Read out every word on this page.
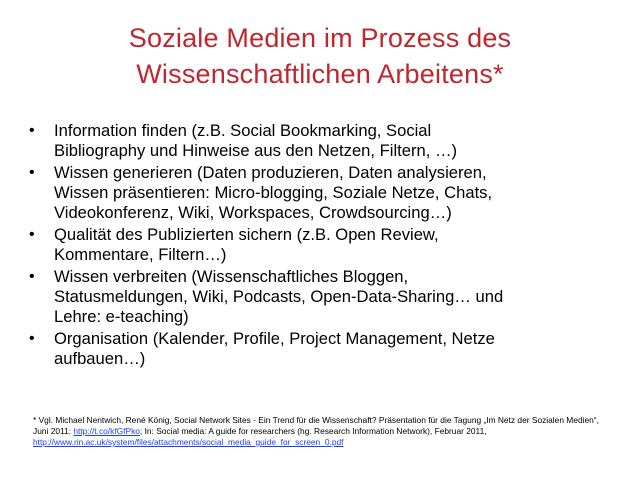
Soziale Medien im Prozess des
Wissenschaftlichen Arbeitens*
• Information finden (z.B. Social Bookmarking, Social
Bibliography und Hinweise aus den Netzen, Filtern, …)
• Wissen generieren (Daten produzieren, Daten analysieren,
Wissen präsentieren: Micro-blogging, Soziale Netze, Chats,
Videokonferenz, Wiki, Workspaces, Crowdsourcing…)
• Qualität des Publizierten sichern (z.B. Open Review,
Kommentare, Filtern…)
• Wissen verbreiten (Wissenschaftliches Bloggen,
Statusmeldungen, Wiki, Podcasts, Open-Data-Sharing… und
Lehre: e-teaching)
• Organisation (Kalender, Profile, Project Management, Netze
aufbauen…)
* Vgl. Michael Nentwich, René König, Social Network Sites - Ein Trend für die Wissenschaft? Präsentation für die Tagung „Im Netz der Sozialen Medien“, Juni 2011: http://t.co/kfGfPko; In: Social media: A guide for researchers (hg. Research Information Network), Februar 2011,
http://www.rin.ac.uk/system/files/attachments/social_media_guide_for_screen_0.pdf
